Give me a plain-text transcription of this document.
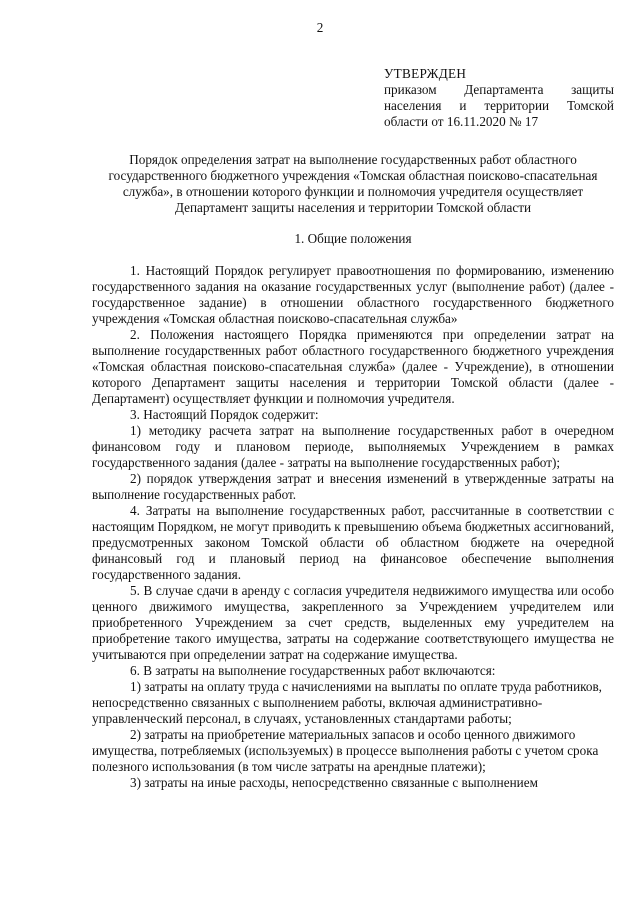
2
УТВЕРЖДЕН
приказом Департамента защиты населения и территории Томской области от 16.11.2020 № 17
Порядок определения затрат на выполнение государственных работ областного государственного бюджетного учреждения «Томская областная поисково-спасательная служба», в отношении которого функции и полномочия учредителя осуществляет Департамент защиты населения и территории Томской области
1. Общие положения

1. Настоящий Порядок регулирует правоотношения по формированию, изменению государственного задания на оказание государственных услуг (выполнение работ) (далее - государственное задание) в отношении областного государственного бюджетного учреждения «Томская областная поисково-спасательная служба»

2. Положения настоящего Порядка применяются при определении затрат на выполнение государственных работ областного государственного бюджетного учреждения «Томская областная поисково-спасательная служба» (далее - Учреждение), в отношении которого Департамент защиты населения и территории Томской области (далее - Департамент) осуществляет функции и полномочия учредителя.

3. Настоящий Порядок содержит:

1) методику расчета затрат на выполнение государственных работ в очередном финансовом году и плановом периоде, выполняемых Учреждением в рамках государственного задания (далее - затраты на выполнение государственных работ);

2) порядок утверждения затрат и внесения изменений в утвержденные затраты на выполнение государственных работ.

4. Затраты на выполнение государственных работ, рассчитанные в соответствии с настоящим Порядком, не могут приводить к превышению объема бюджетных ассигнований, предусмотренных законом Томской области об областном бюджете на очередной финансовый год и плановый период на финансовое обеспечение выполнения государственного задания.

5. В случае сдачи в аренду с согласия учредителя недвижимого имущества или особо ценного движимого имущества, закрепленного за Учреждением учредителем или приобретенного Учреждением за счет средств, выделенных ему учредителем на приобретение такого имущества, затраты на содержание соответствующего имущества не учитываются при определении затрат на содержание имущества.

6. В затраты на выполнение государственных работ включаются:

1) затраты на оплату труда с начислениями на выплаты по оплате труда работников, непосредственно связанных с выполнением работы, включая административно-управленческий персонал, в случаях, установленных стандартами работы;

2) затраты на приобретение материальных запасов и особо ценного движимого имущества, потребляемых (используемых) в процессе выполнения работы с учетом срока полезного использования (в том числе затраты на арендные платежи);

3) затраты на иные расходы, непосредственно связанные с выполнением
